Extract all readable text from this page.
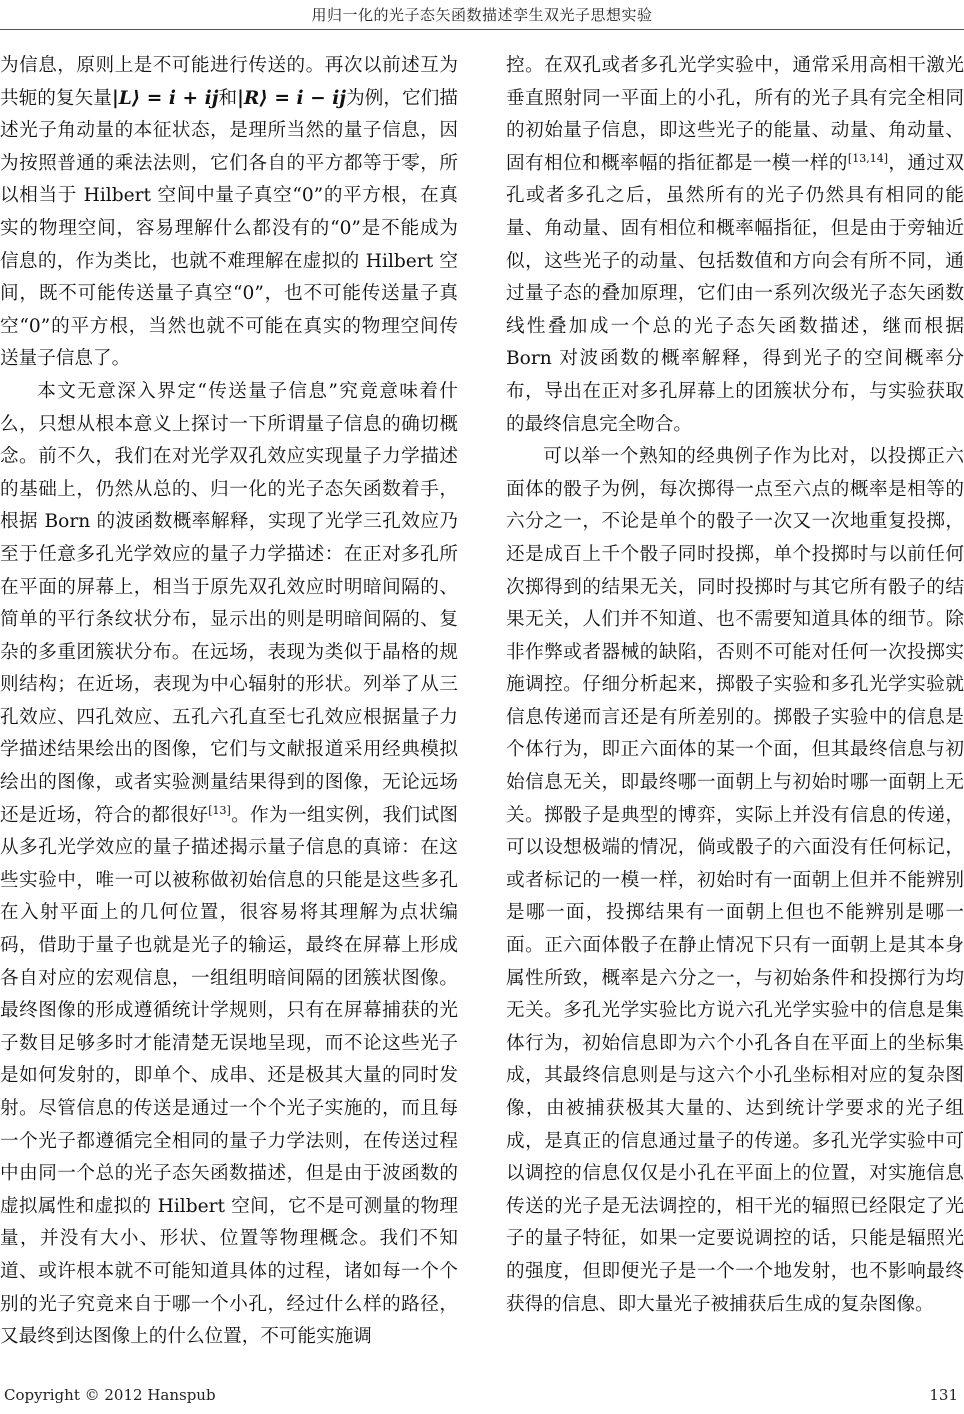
用归一化的光子态矢函数描述孪生双光子思想实验

为信息，原则上是不可能进行传送的。再次以前述互为共轭的复矢量|L⟩ = i + ij和|R⟩ = i − ij为例，它们描述光子角动量的本征状态，是理所当然的量子信息，因为按照普通的乘法法则，它们各自的平方都等于零，所以相当于 Hilbert 空间中量子真空“0”的平方根，在真实的物理空间，容易理解什么都没有的“0”是不能成为信息的，作为类比，也就不难理解在虚拟的 Hilbert 空间，既不可能传送量子真空“0”，也不可能传送量子真空“0”的平方根，当然也就不可能在真实的物理空间传送量子信息了。

本文无意深入界定“传送量子信息”究竟意味着什么，只想从根本意义上探讨一下所谓量子信息的确切概念。前不久，我们在对光学双孔效应实现量子力学描述的基础上，仍然从总的、归一化的光子态矢函数着手，根据 Born 的波函数概率解释，实现了光学三孔效应乃至于任意多孔光学效应的量子力学描述：在正对多孔所在平面的屏幕上，相当于原先双孔效应时明暗间隔的、简单的平行条纹状分布，显示出的则是明暗间隔的、复杂的多重团簇状分布。在远场，表现为类似于晶格的规则结构；在近场，表现为中心辐射的形状。列举了从三孔效应、四孔效应、五孔六孔直至七孔效应根据量子力学描述结果绘出的图像，它们与文献报道采用经典模拟绘出的图像，或者实验测量结果得到的图像，无论远场还是近场，符合的都很好[13]。作为一组实例，我们试图从多孔光学效应的量子描述揭示量子信息的真谛：在这些实验中，唯一可以被称做初始信息的只能是这些多孔在入射平面上的几何位置，很容易将其理解为点状编码，借助于量子也就是光子的输运，最终在屏幕上形成各自对应的宏观信息，一组组明暗间隔的团簇状图像。最终图像的形成遵循统计学规则，只有在屏幕捕获的光子数目足够多时才能清楚无误地呈现，而不论这些光子是如何发射的，即单个、成串、还是极其大量的同时发射。尽管信息的传送是通过一个个光子实施的，而且每一个光子都遵循完全相同的量子力学法则，在传送过程中由同一个总的光子态矢函数描述，但是由于波函数的虚拟属性和虚拟的 Hilbert 空间，它不是可测量的物理量，并没有大小、形状、位置等物理概念。我们不知道、或许根本就不可能知道具体的过程，诸如每一个个别的光子究竟来自于哪一个小孔，经过什么样的路径，又最终到达图像上的什么位置，不可能实施调

控。在双孔或者多孔光学实验中，通常采用高相干激光垂直照射同一平面上的小孔，所有的光子具有完全相同的初始量子信息，即这些光子的能量、动量、角动量、固有相位和概率幅的指征都是一模一样的[13,14]，通过双孔或者多孔之后，虽然所有的光子仍然具有相同的能量、角动量、固有相位和概率幅指征，但是由于旁轴近似，这些光子的动量、包括数值和方向会有所不同，通过量子态的叠加原理，它们由一系列次级光子态矢函数线性叠加成一个总的光子态矢函数描述，继而根据 Born 对波函数的概率解释，得到光子的空间概率分布，导出在正对多孔屏幕上的团簇状分布，与实验获取的最终信息完全吻合。

可以举一个熟知的经典例子作为比对，以投掷正六面体的骰子为例，每次掷得一点至六点的概率是相等的六分之一，不论是单个的骰子一次又一次地重复投掷，还是成百上千个骰子同时投掷，单个投掷时与以前任何次掷得到的结果无关，同时投掷时与其它所有骰子的结果无关，人们并不知道、也不需要知道具体的细节。除非作弊或者器械的缺陷，否则不可能对任何一次投掷实施调控。仔细分析起来，掷骰子实验和多孔光学实验就信息传递而言还是有所差别的。掷骰子实验中的信息是个体行为，即正六面体的某一个面，但其最终信息与初始信息无关，即最终哪一面朝上与初始时哪一面朝上无关。掷骰子是典型的博弈，实际上并没有信息的传递，可以设想极端的情况，倘或骰子的六面没有任何标记，或者标记的一模一样，初始时有一面朝上但并不能辨别是哪一面，投掷结果有一面朝上但也不能辨别是哪一面。正六面体骰子在静止情况下只有一面朝上是其本身属性所致，概率是六分之一，与初始条件和投掷行为均无关。多孔光学实验比方说六孔光学实验中的信息是集体行为，初始信息即为六个小孔各自在平面上的坐标集成，其最终信息则是与这六个小孔坐标相对应的复杂图像，由被捕获极其大量的、达到统计学要求的光子组成，是真正的信息通过量子的传递。多孔光学实验中可以调控的信息仅仅是小孔在平面上的位置，对实施信息传送的光子是无法调控的，相干光的辐照已经限定了光子的量子特征，如果一定要说调控的话，只能是辐照光的强度，但即便光子是一个一个地发射，也不影响最终获得的信息、即大量光子被捕获后生成的复杂图像。

Copyright © 2012 Hanspub	131
